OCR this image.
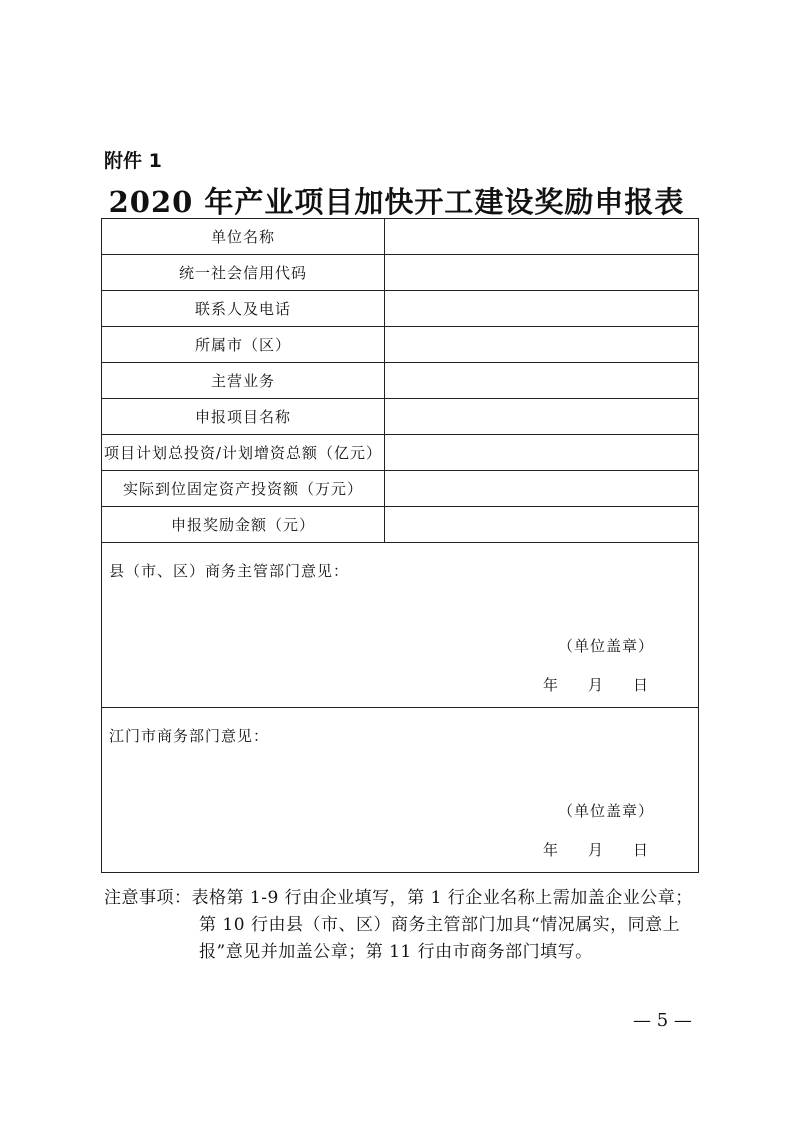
附件 1
2020 年产业项目加快开工建设奖励申报表
单位名称	
统一社会信用代码	
联系人及电话	
所属市（区）	
主营业务	
申报项目名称	
项目计划总投资/计划增资总额（亿元）	
实际到位固定资产投资额（万元）	
申报奖励金额（元）	

县（市、区）商务主管部门意见：
（单位盖章）
年　　月　　日	

江门市商务部门意见：
（单位盖章）
年　　月　　日	
注意事项：表格第 1-9 行由企业填写，第 1 行企业名称上需加盖企业公章；
第 10 行由县（市、区）商务主管部门加具“情况属实，同意上
报”意见并加盖公章；第 11 行由市商务部门填写。
— 5 —
